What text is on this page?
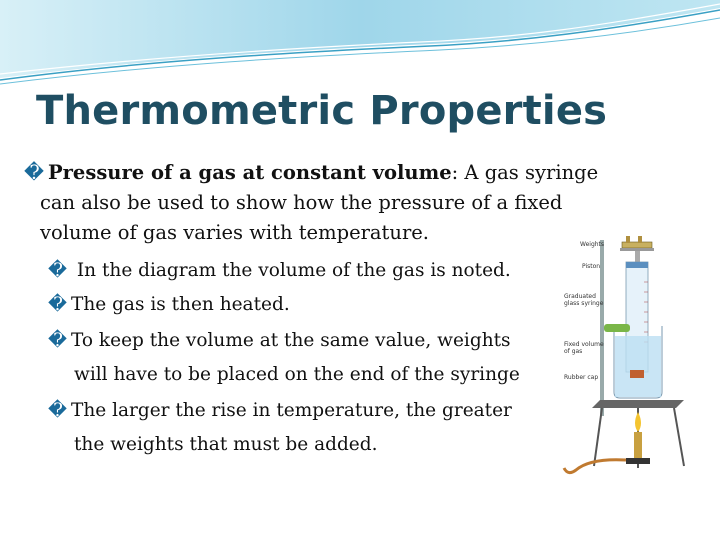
Thermometric Properties
� Pressure of a gas at constant volume: A gas syringe
can also be used to show how the pressure of a fixed
volume of gas varies with temperature.
� In the diagram the volume of the gas is noted.
� The gas is then heated.
� To keep the volume at the same value, weights
will have to be placed on the end of the syringe
� The larger the rise in temperature, the greater
the weights that must be added.
Weights
Piston
Graduated
glass syringe
Fixed volume
of gas
Rubber cap
